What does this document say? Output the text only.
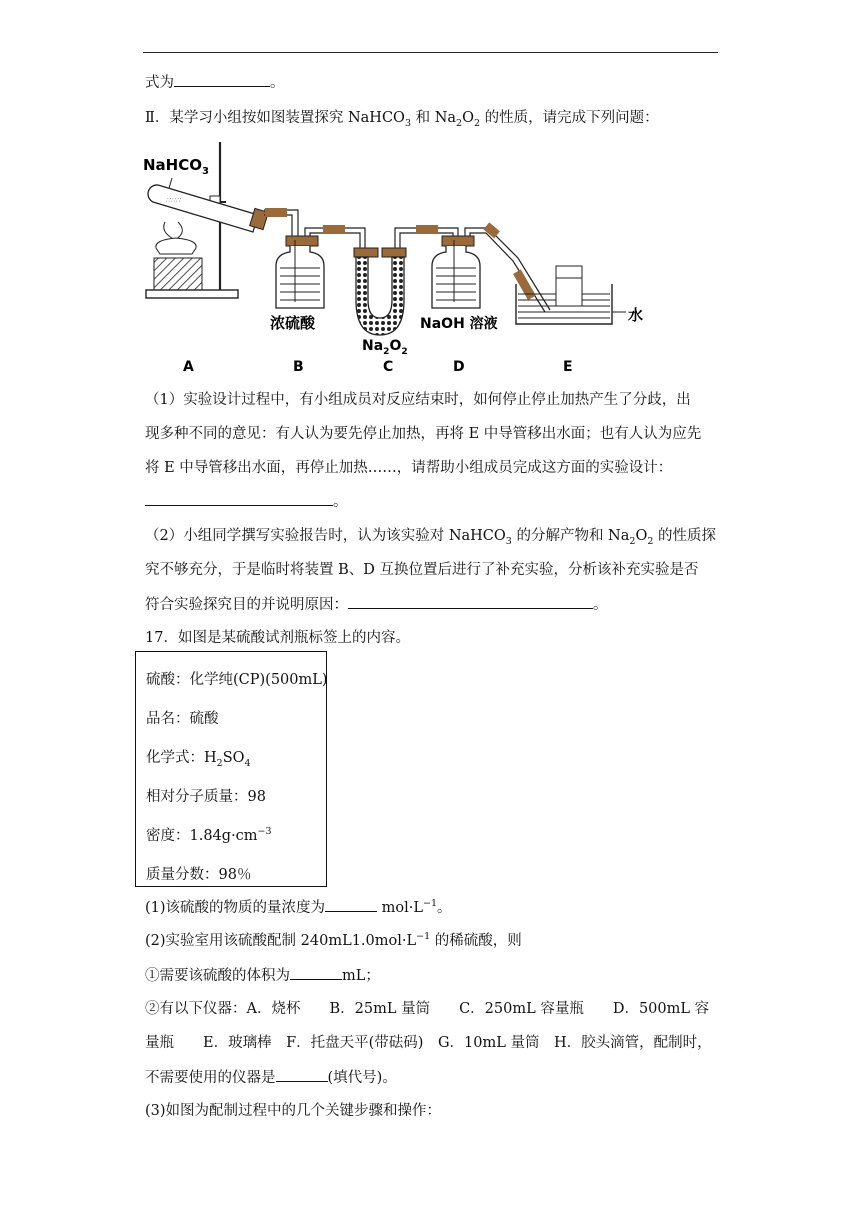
式为	。
Ⅱ．某学习小组按如图装置探究 NaHCO$_3$ 和 $Na_2O_2$ 的性质，请完成下列问题：
NaHCO$_3$
∴∵∴∵
浓硫酸
$Na_2O_2$
NaOH 溶液	水
A	B	C	D	E
（1）实验设计过程中，有小组成员对反应结束时，如何停止停止加热产生了分歧，出
现多种不同的意见：有人认为要先停止加热，再将 E 中导管移出水面；也有人认为应先
将 E 中导管移出水面，再停止加热……，请帮助小组成员完成这方面的实验设计：
。
（2）小组同学撰写实验报告时，认为该实验对 NaHCO$_3$ 的分解产物和 $Na_2O_2$ 的性质探
究不够充分，于是临时将装置 B、D 互换位置后进行了补充实验，分析该补充实验是否
符合实验探究目的并说明原因：	。
17．如图是某硫酸试剂瓶标签上的内容。
硫酸：化学纯(CP)(500mL)
品名：硫酸
化学式：$H_2SO_4$
相对分子质量：98
密度：$1.84g\cdot cm^{-3}$
质量分数：98％
(1)该硫酸的物质的量浓度为	$mol\cdot L^{-1}$。
(2)实验室用该硫酸配制 $240mL1.0mol\cdot L^{-1}$ 的稀硫酸，则
①需要该硫酸的体积为	mL；
②有以下仪器：A．烧杯　　B．25mL 量筒　　C．250mL 容量瓶　　D．500mL 容
量瓶　　E．玻璃棒　F．托盘天平(带砝码)　G．10mL 量筒　H．胶头滴管，配制时，
不需要使用的仪器是	(填代号)。
(3)如图为配制过程中的几个关键步骤和操作：
